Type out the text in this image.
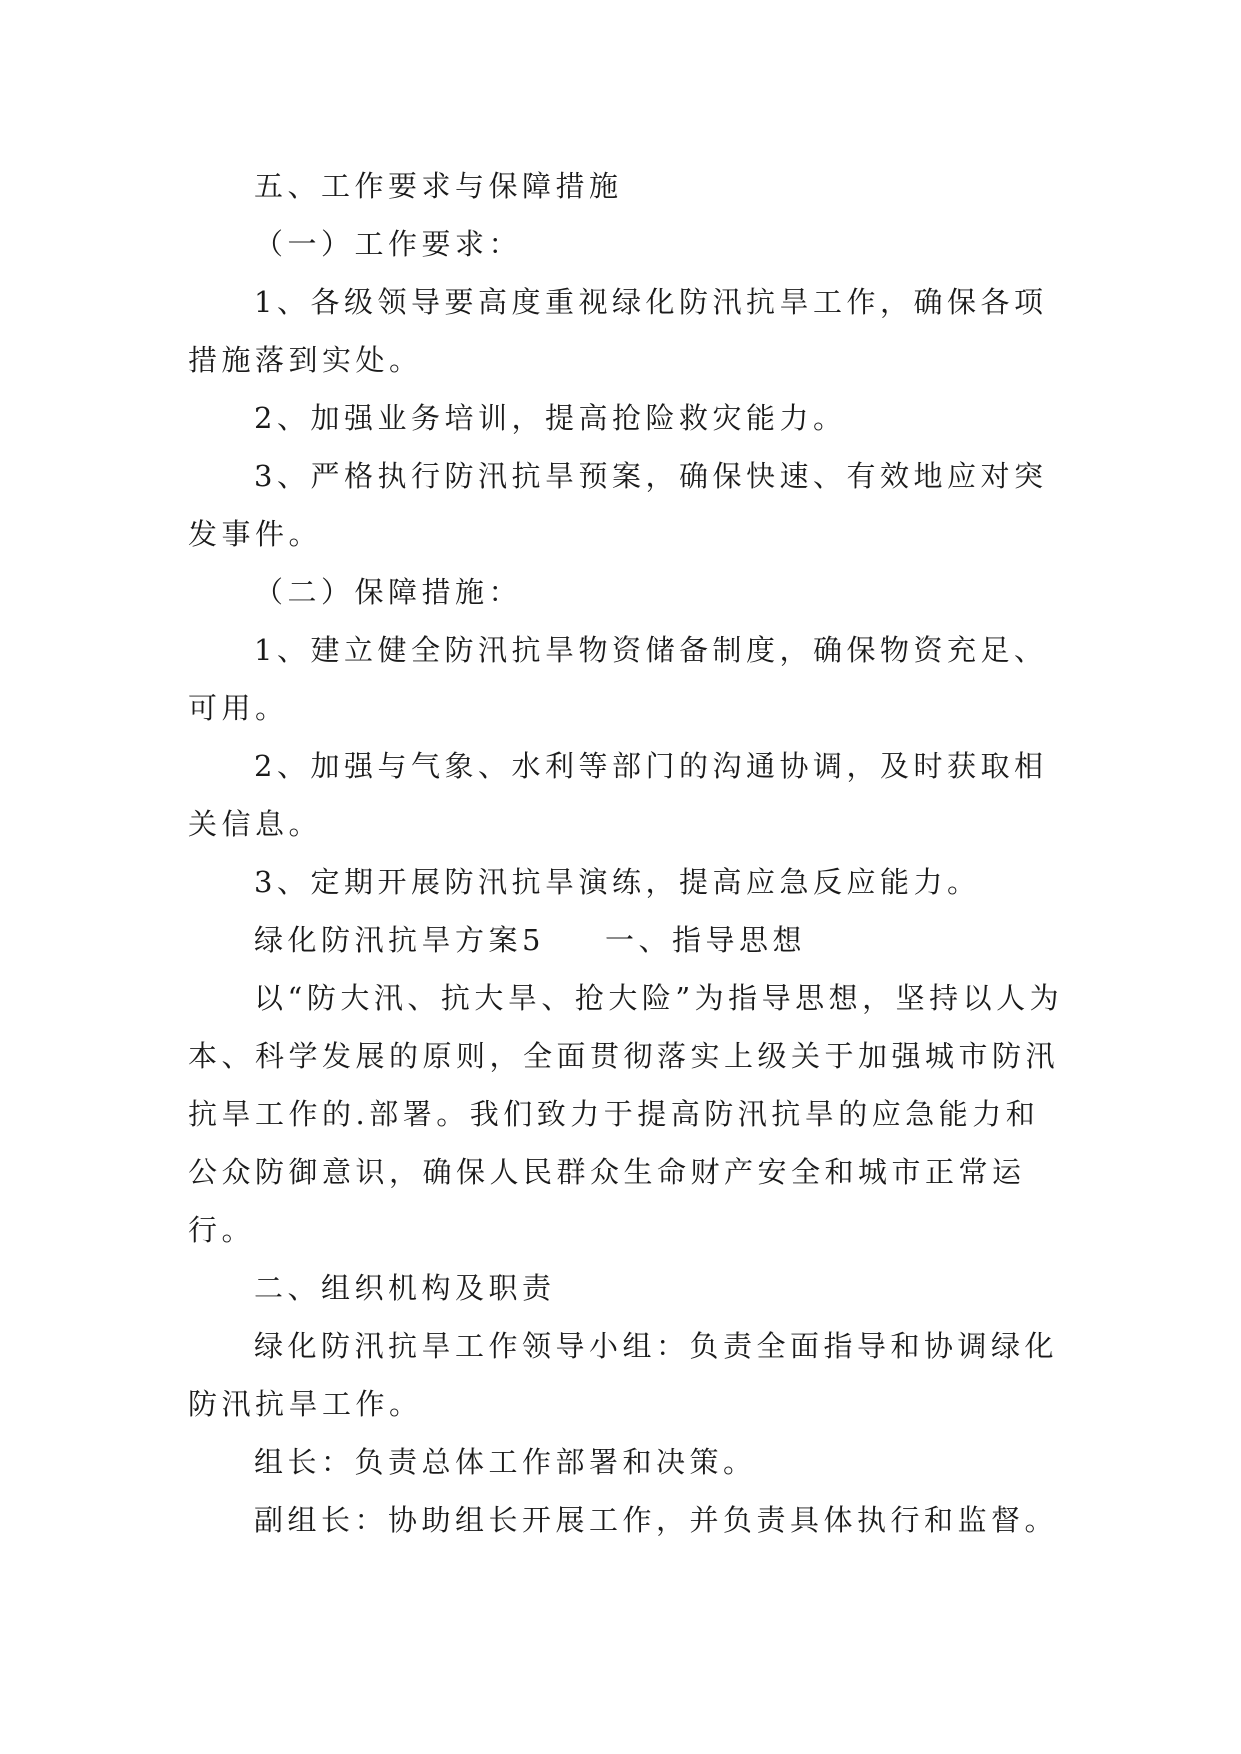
五、工作要求与保障措施

（一）工作要求：

1、各级领导要高度重视绿化防汛抗旱工作，确保各项措施落到实处。

2、加强业务培训，提高抢险救灾能力。

3、严格执行防汛抗旱预案，确保快速、有效地应对突发事件。

（二）保障措施：

1、建立健全防汛抗旱物资储备制度，确保物资充足、可用。

2、加强与气象、水利等部门的沟通协调，及时获取相关信息。

3、定期开展防汛抗旱演练，提高应急反应能力。

绿化防汛抗旱方案5 一、指导思想

以“防大汛、抗大旱、抢大险”为指导思想，坚持以人为本、科学发展的原则，全面贯彻落实上级关于加强城市防汛抗旱工作的.部署。我们致力于提高防汛抗旱的应急能力和公众防御意识，确保人民群众生命财产安全和城市正常运行。

二、组织机构及职责

绿化防汛抗旱工作领导小组：负责全面指导和协调绿化防汛抗旱工作。

组长：负责总体工作部署和决策。

副组长：协助组长开展工作，并负责具体执行和监督。
